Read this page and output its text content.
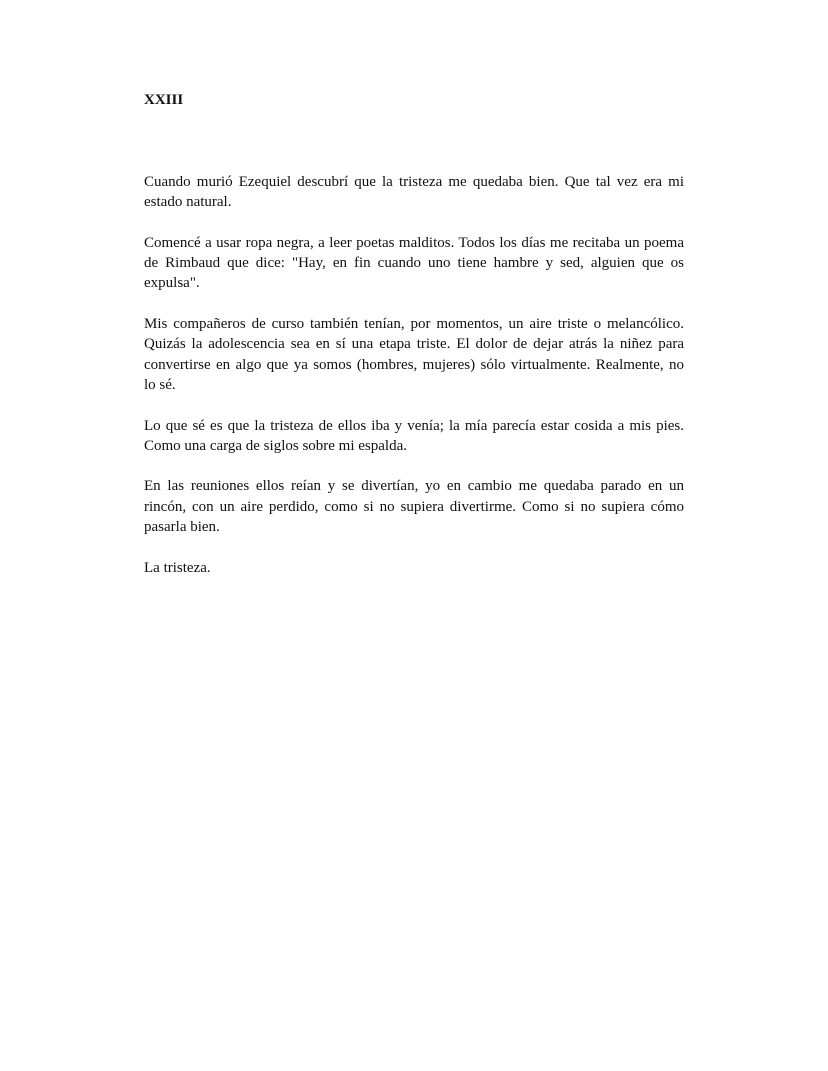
XXIII
Cuando murió Ezequiel descubrí que la tristeza me quedaba bien. Que tal vez era mi
estado natural.
Comencé a usar ropa negra, a leer poetas malditos. Todos los días me recitaba un poema
de Rimbaud que dice: "Hay, en fin cuando uno tiene hambre y sed, alguien que os
expulsa".
Mis compañeros de curso también tenían, por momentos, un aire triste o melancólico.
Quizás la adolescencia sea en sí una etapa triste. El dolor de dejar atrás la niñez para
convertirse en algo que ya somos (hombres, mujeres) sólo virtualmente. Realmente, no
lo sé.
Lo que sé es que la tristeza de ellos iba y venía; la mía parecía estar cosida a mis pies.
Como una carga de siglos sobre mi espalda.
En las reuniones ellos reían y se divertían, yo en cambio me quedaba parado en un
rincón, con un aire perdido, como si no supiera divertirme. Como si no supiera cómo
pasarla bien.
La tristeza.
